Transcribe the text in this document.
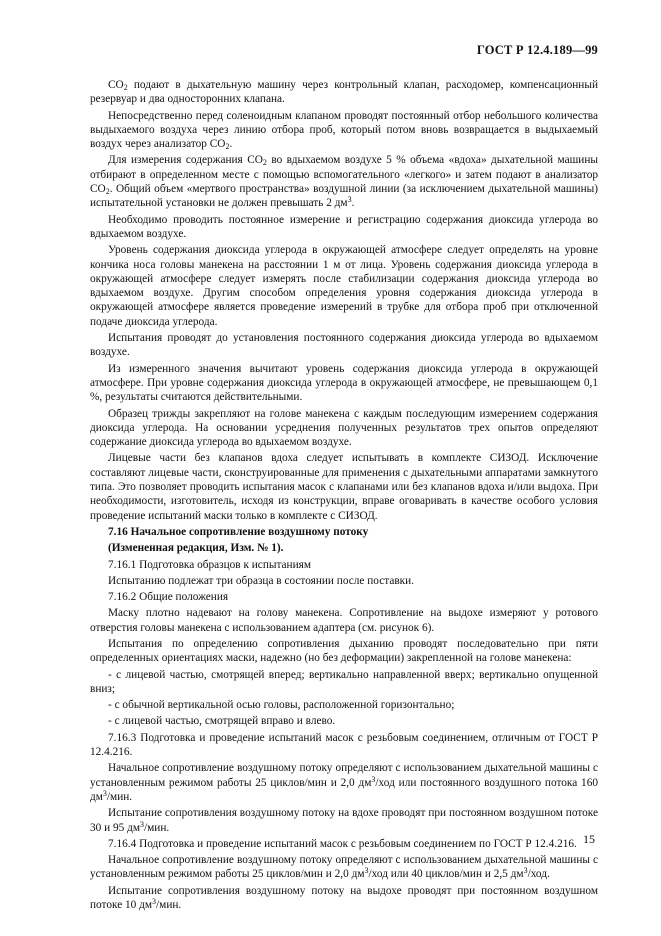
ГОСТ Р 12.4.189—99

$CO_2$ подают в дыхательную машину через контрольный клапан, расходомер, компенсационный резервуар и два односторонних клапана.

Непосредственно перед соленоидным клапаном проводят постоянный отбор небольшого количества выдыхаемого воздуха через линию отбора проб, который потом вновь возвращается в выдыхаемый воздух через анализатор $CO_2$.

Для измерения содержания $CO_2$ во вдыхаемом воздухе 5 % объема «вдоха» дыхательной машины отбирают в определенном месте с помощью вспомогательного «легкого» и затем подают в анализатор $CO_2$. Общий объем «мертвого пространства» воздушной линии (за исключением дыхательной машины) испытательной установки не должен превышать 2 $дм^3$.

Необходимо проводить постоянное измерение и регистрацию содержания диоксида углерода во вдыхаемом воздухе.

Уровень содержания диоксида углерода в окружающей атмосфере следует определять на уровне кончика носа головы манекена на расстоянии 1 м от лица. Уровень содержания диоксида углерода в окружающей атмосфере следует измерять после стабилизации содержания диоксида углерода во вдыхаемом воздухе. Другим способом определения уровня содержания диоксида углерода в окружающей атмосфере является проведение измерений в трубке для отбора проб при отключенной подаче диоксида углерода.

Испытания проводят до установления постоянного содержания диоксида углерода во вдыхаемом воздухе.

Из измеренного значения вычитают уровень содержания диоксида углерода в окружающей атмосфере. При уровне содержания диоксида углерода в окружающей атмосфере, не превышающем 0,1 %, результаты считаются действительными.

Образец трижды закрепляют на голове манекена с каждым последующим измерением содержания диоксида углерода. На основании усреднения полученных результатов трех опытов определяют содержание диоксида углерода во вдыхаемом воздухе.

Лицевые части без клапанов вдоха следует испытывать в комплекте СИЗОД. Исключение составляют лицевые части, сконструированные для применения с дыхательными аппаратами замкнутого типа. Это позволяет проводить испытания масок с клапанами или без клапанов вдоха и/или выдоха. При необходимости, изготовитель, исходя из конструкции, вправе оговаривать в качестве особого условия проведение испытаний маски только в комплекте с СИЗОД.

7.16 Начальное сопротивление воздушному потоку

(Измененная редакция, Изм. № 1).

7.16.1 Подготовка образцов к испытаниям

Испытанию подлежат три образца в состоянии после поставки.

7.16.2 Общие положения

Маску плотно надевают на голову манекена. Сопротивление на выдохе измеряют у ротового отверстия головы манекена с использованием адаптера (см. рисунок 6).

Испытания по определению сопротивления дыханию проводят последовательно при пяти определенных ориентациях маски, надежно (но без деформации) закрепленной на голове манекена:

- с лицевой частью, смотрящей вперед; вертикально направленной вверх; вертикально опущенной вниз;

- с обычной вертикальной осью головы, расположенной горизонтально;

- с лицевой частью, смотрящей вправо и влево.

7.16.3 Подготовка и проведение испытаний масок с резьбовым соединением, отличным от ГОСТ Р 12.4.216.

Начальное сопротивление воздушному потоку определяют с использованием дыхательной машины с установленным режимом работы 25 циклов/мин и 2,0 $дм^3$/ход или постоянного воздушного потока 160 $дм^3$/мин.

Испытание сопротивления воздушному потоку на вдохе проводят при постоянном воздушном потоке 30 и 95 $дм^3$/мин.

7.16.4 Подготовка и проведение испытаний масок с резьбовым соединением по ГОСТ Р 12.4.216.

Начальное сопротивление воздушному потоку определяют с использованием дыхательной машины с установленным режимом работы 25 циклов/мин и 2,0 $дм^3$/ход или 40 циклов/мин и 2,5 $дм^3$/ход.

Испытание сопротивления воздушному потоку на выдохе проводят при постоянном воздушном потоке 10 $дм^3$/мин.

15
